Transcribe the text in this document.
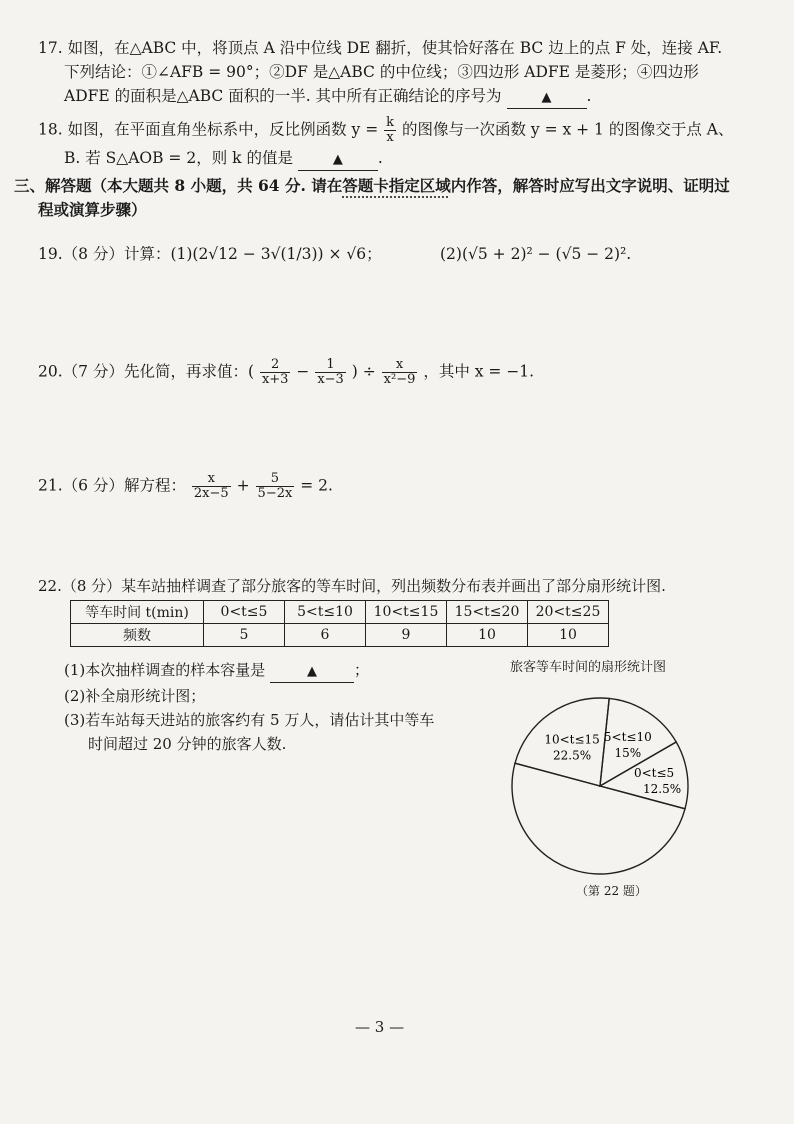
17. 如图，在△ABC 中，将顶点 A 沿中位线 DE 翻折，使其恰好落在 BC 边上的点 F 处，连接 AF.
下列结论：①∠AFB = 90°；②DF 是△ABC 的中位线；③四边形 ADFE 是菱形；④四边形
ADFE 的面积是△ABC 面积的一半. 其中所有正确结论的序号为	▲ .
18. 如图，在平面直角坐标系中，反比例函数 $y = \frac{k}{x}$ 的图像与一次函数 y = x + 1 的图像交于点 A、
B. 若 S△AOB = 2，则 k 的值是	▲ .
三、解答题（本大题共 8 小题，共 64 分. 请在答题卡指定区域内作答，解答时应写出文字说明、证明过
程或演算步骤）
19.（8 分）计算：(1)(2√12 − 3√(1/3)) × √6；	(2)(√5 + 2)² − (√5 − 2)².
20.（7 分）先化简，再求值：( $\frac{2}{x+3} - \frac{1}{x-3}$ ) ÷ $\frac{x}{\text{x²−9}}$ ，其中 x = −1.
21.（6 分）解方程： $\frac{x}{2x-5} + \frac{5}{5-2x} = 2$.
22.（8 分）某车站抽样调查了部分旅客的等车时间，列出频数分布表并画出了部分扇形统计图.
等车时间 t(min)	0<t≤5	5<t≤10	10<t≤15	15<t≤20	20<t≤25
频数	5	6	9	10	10
(1)本次抽样调查的样本容量是	▲ ；
(2)补全扇形统计图；
(3)若车站每天进站的旅客约有 5 万人，请估计其中等车
时间超过 20 分钟的旅客人数.
旅客等车时间的扇形统计图
0<t≤5
12.5%
5<t≤10
15%
10<t≤15
22.5%
（第 22 题）
— 3 —
